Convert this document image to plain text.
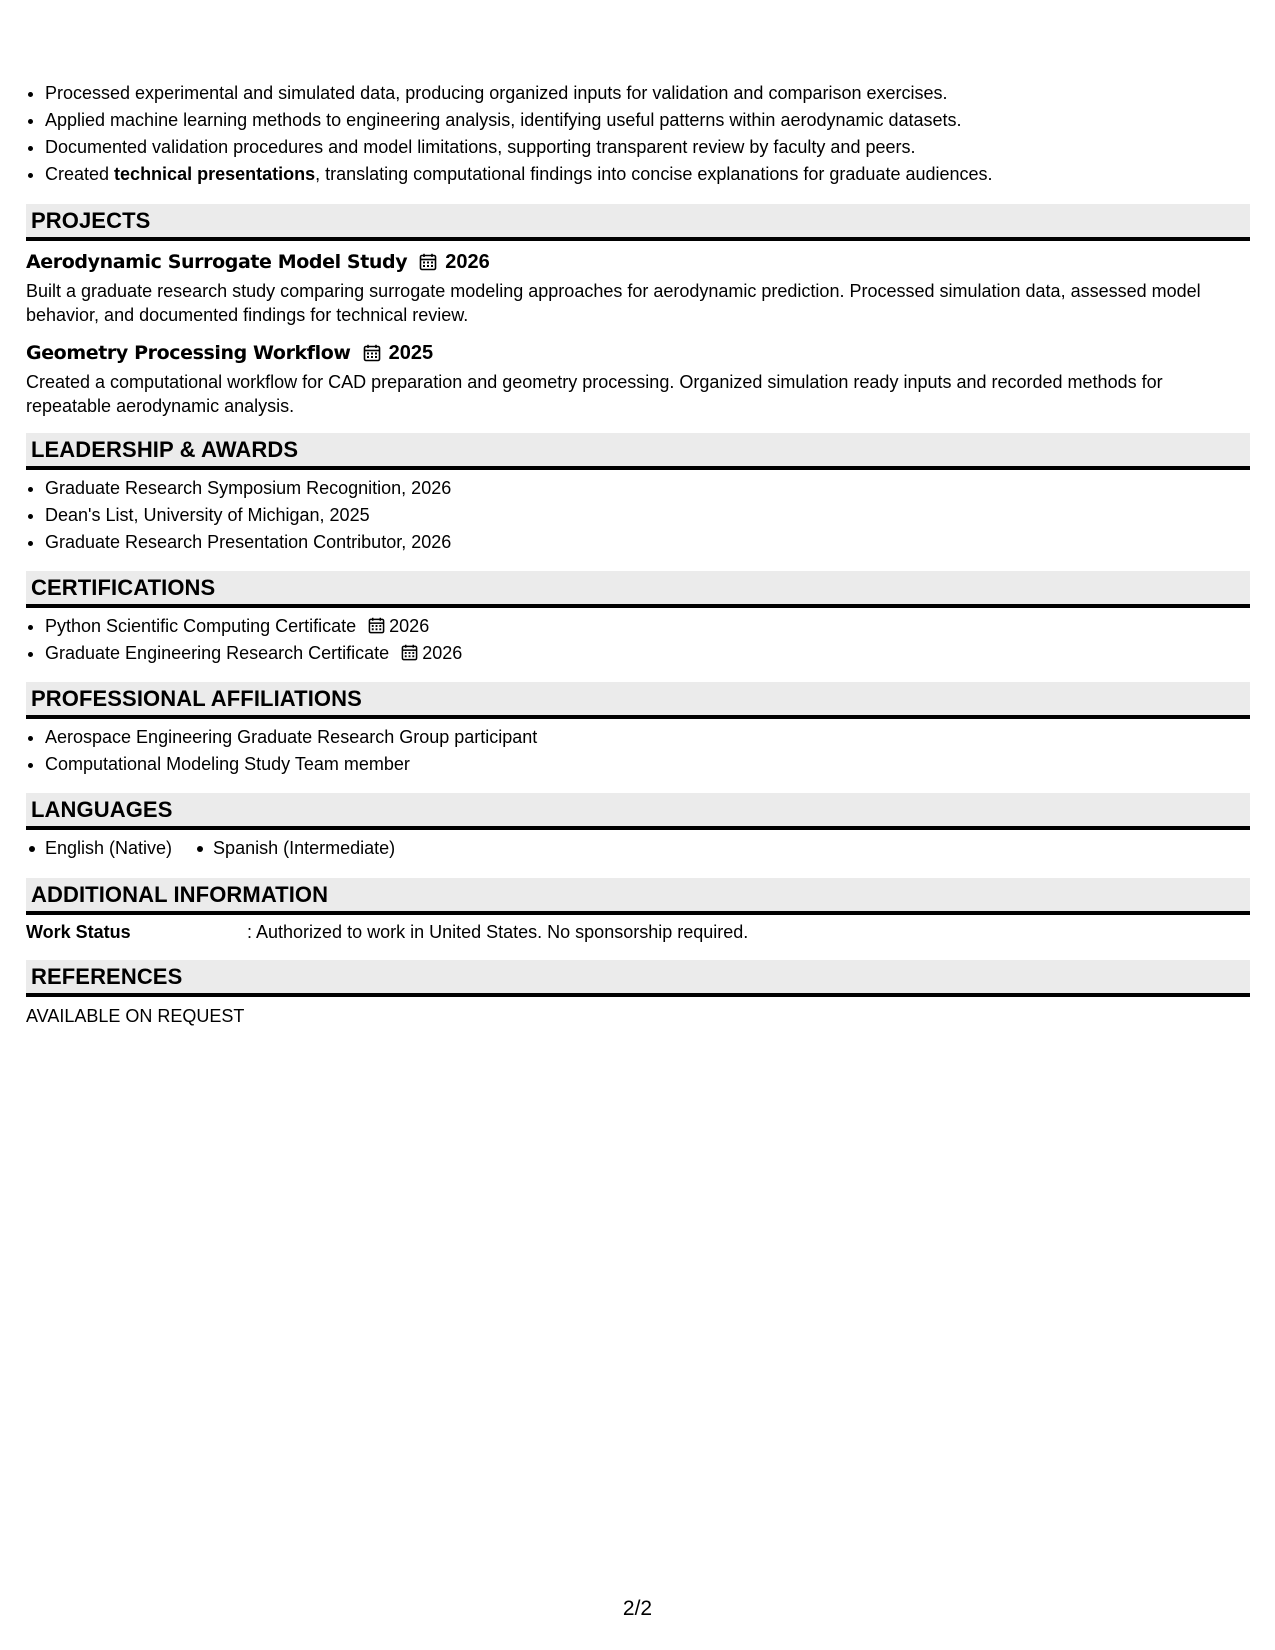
• Processed experimental and simulated data, producing organized inputs for validation and comparison exercises.
• Applied machine learning methods to engineering analysis, identifying useful patterns within aerodynamic datasets.
• Documented validation procedures and model limitations, supporting transparent review by faculty and peers.
• Created technical presentations, translating computational findings into concise explanations for graduate audiences.
PROJECTS
Aerodynamic Surrogate Model Study 2026

Built a graduate research study comparing surrogate modeling approaches for aerodynamic prediction. Processed simulation data, assessed model behavior, and documented findings for technical review.

Geometry Processing Workflow 2025

Created a computational workflow for CAD preparation and geometry processing. Organized simulation ready inputs and recorded methods for repeatable aerodynamic analysis.

LEADERSHIP & AWARDS
• Graduate Research Symposium Recognition, 2026
• Dean's List, University of Michigan, 2025
• Graduate Research Presentation Contributor, 2026
CERTIFICATIONS
• Python Scientific Computing Certificate 2026
• Graduate Engineering Research Certificate 2026
PROFESSIONAL AFFILIATIONS
• Aerospace Engineering Graduate Research Group participant
• Computational Modeling Study Team member
LANGUAGES
English (Native)	Spanish (Intermediate)
ADDITIONAL INFORMATION
Work Status	: Authorized to work in United States. No sponsorship required.
REFERENCES
AVAILABLE ON REQUEST
2/2
